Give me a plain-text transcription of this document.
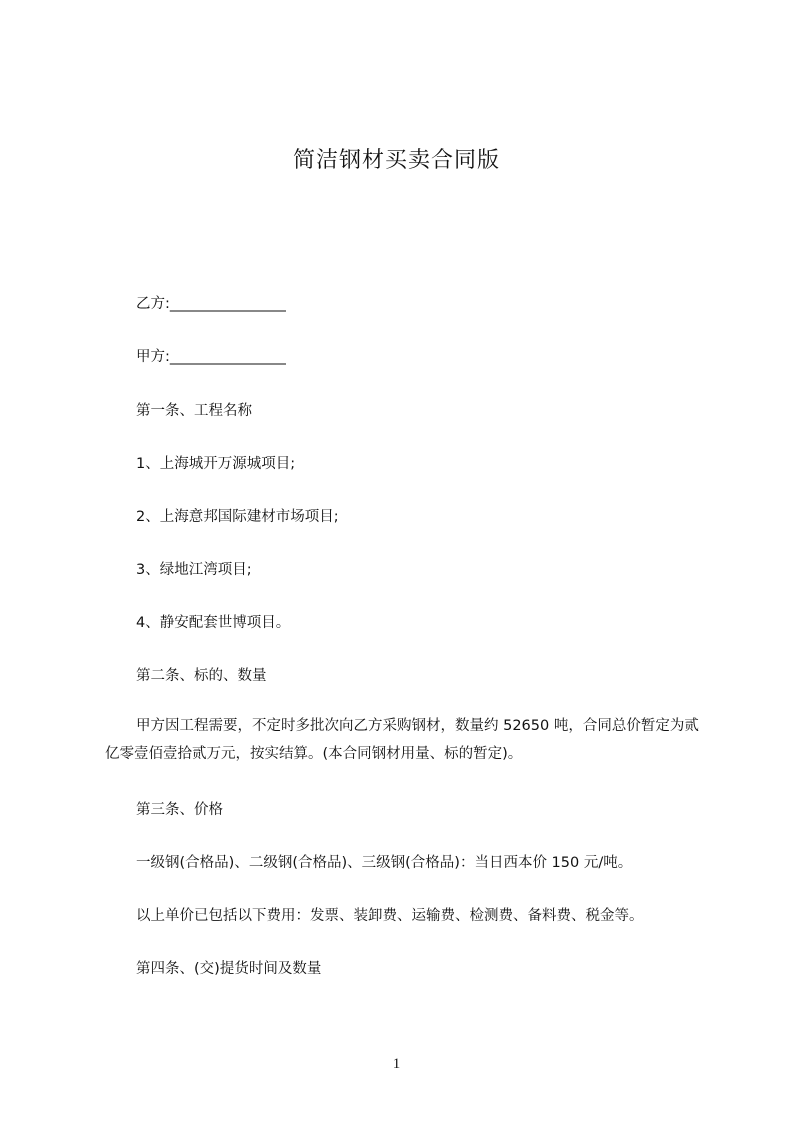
简洁钢材买卖合同版
乙方:________________
甲方:________________
第一条、工程名称
1、上海城开万源城项目;
2、上海意邦国际建材市场项目;
3、绿地江湾项目;
4、静安配套世博项目。
第二条、标的、数量
甲方因工程需要，不定时多批次向乙方采购钢材，数量约 52650 吨，合同总价暂定为贰亿零壹佰壹拾贰万元，按实结算。(本合同钢材用量、标的暂定)。
第三条、价格
一级钢(合格品)、二级钢(合格品)、三级钢(合格品)：当日西本价 150 元/吨。
以上单价已包括以下费用：发票、装卸费、运输费、检测费、备料费、税金等。
第四条、(交)提货时间及数量
1
